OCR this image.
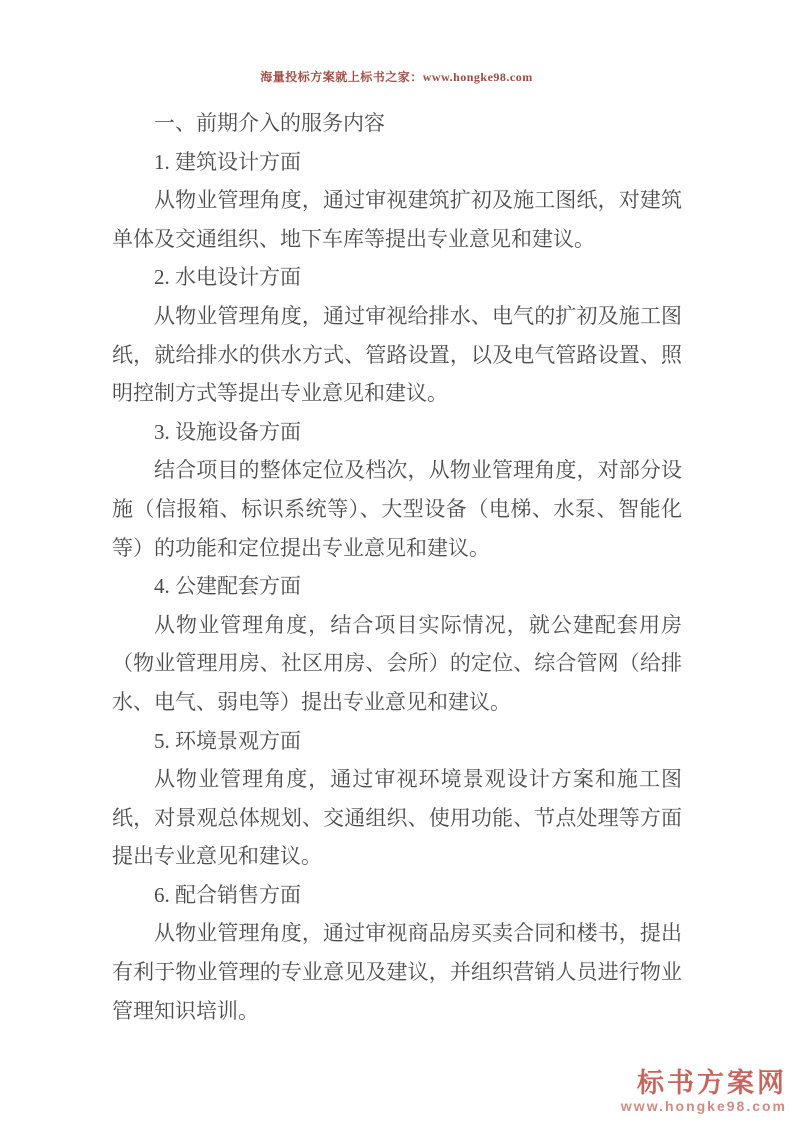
海量投标方案就上标书之家：www.hongke98.com

一、前期介入的服务内容

1. 建筑设计方面

从物业管理角度，通过审视建筑扩初及施工图纸，对建筑单体及交通组织、地下车库等提出专业意见和建议。

2. 水电设计方面

从物业管理角度，通过审视给排水、电气的扩初及施工图纸，就给排水的供水方式、管路设置，以及电气管路设置、照明控制方式等提出专业意见和建议。

3. 设施设备方面

结合项目的整体定位及档次，从物业管理角度，对部分设施（信报箱、标识系统等）、大型设备（电梯、水泵、智能化等）的功能和定位提出专业意见和建议。

4. 公建配套方面

从物业管理角度，结合项目实际情况，就公建配套用房（物业管理用房、社区用房、会所）的定位、综合管网（给排水、电气、弱电等）提出专业意见和建议。

5. 环境景观方面

从物业管理角度，通过审视环境景观设计方案和施工图纸，对景观总体规划、交通组织、使用功能、节点处理等方面提出专业意见和建议。

6. 配合销售方面

从物业管理角度，通过审视商品房买卖合同和楼书，提出有利于物业管理的专业意见及建议，并组织营销人员进行物业管理知识培训。

标书方案网
www.hongke98.com
